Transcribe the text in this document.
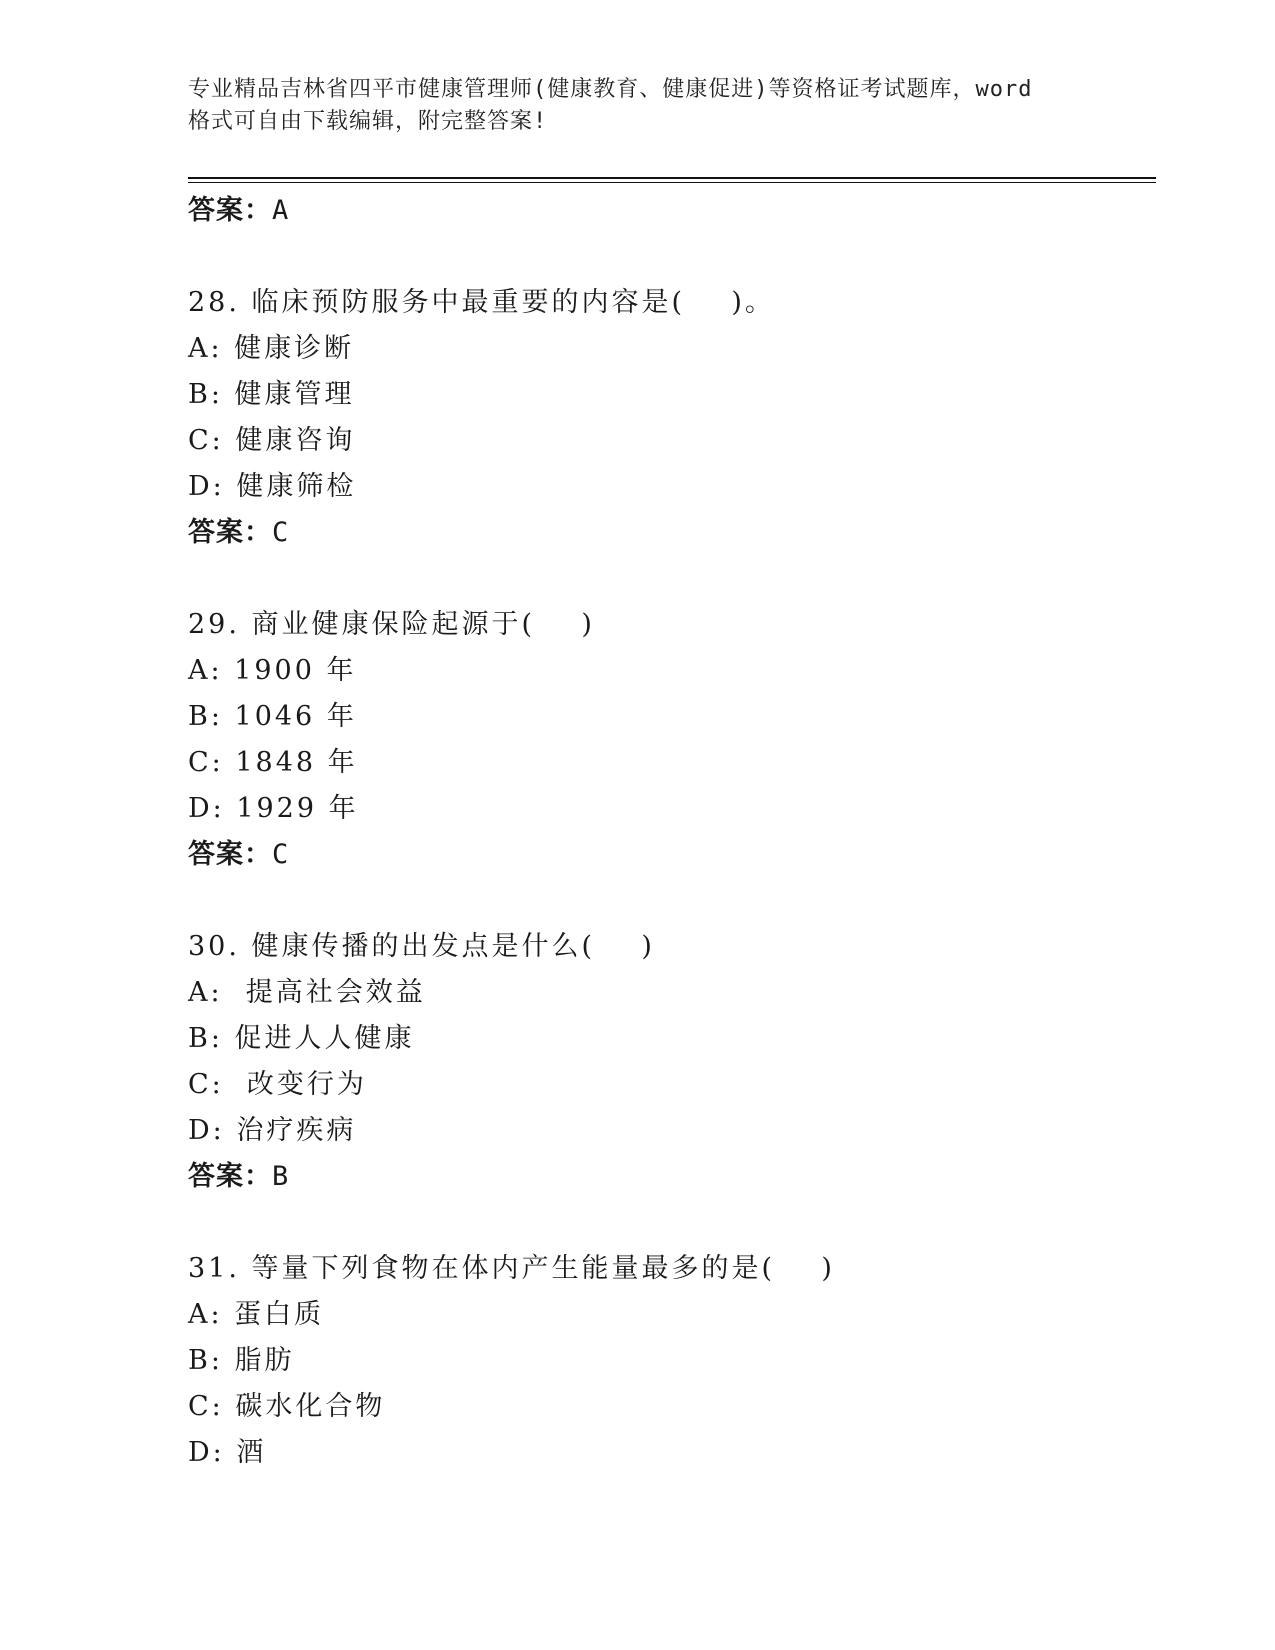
专业精品吉林省四平市健康管理师(健康教育、健康促进)等资格证考试题库，word
格式可自由下载编辑，附完整答案!
答案：A
28. 临床预防服务中最重要的内容是(    )。
A: 健康诊断
B: 健康管理
C: 健康咨询
D: 健康筛检
答案：C
29. 商业健康保险起源于(    )
A: 1900 年
B: 1046 年
C: 1848 年
D: 1929 年
答案：C
30. 健康传播的出发点是什么(    )
A:  提高社会效益
B: 促进人人健康
C:  改变行为
D: 治疗疾病
答案：B
31. 等量下列食物在体内产生能量最多的是(    )
A: 蛋白质
B: 脂肪
C: 碳水化合物
D: 酒
